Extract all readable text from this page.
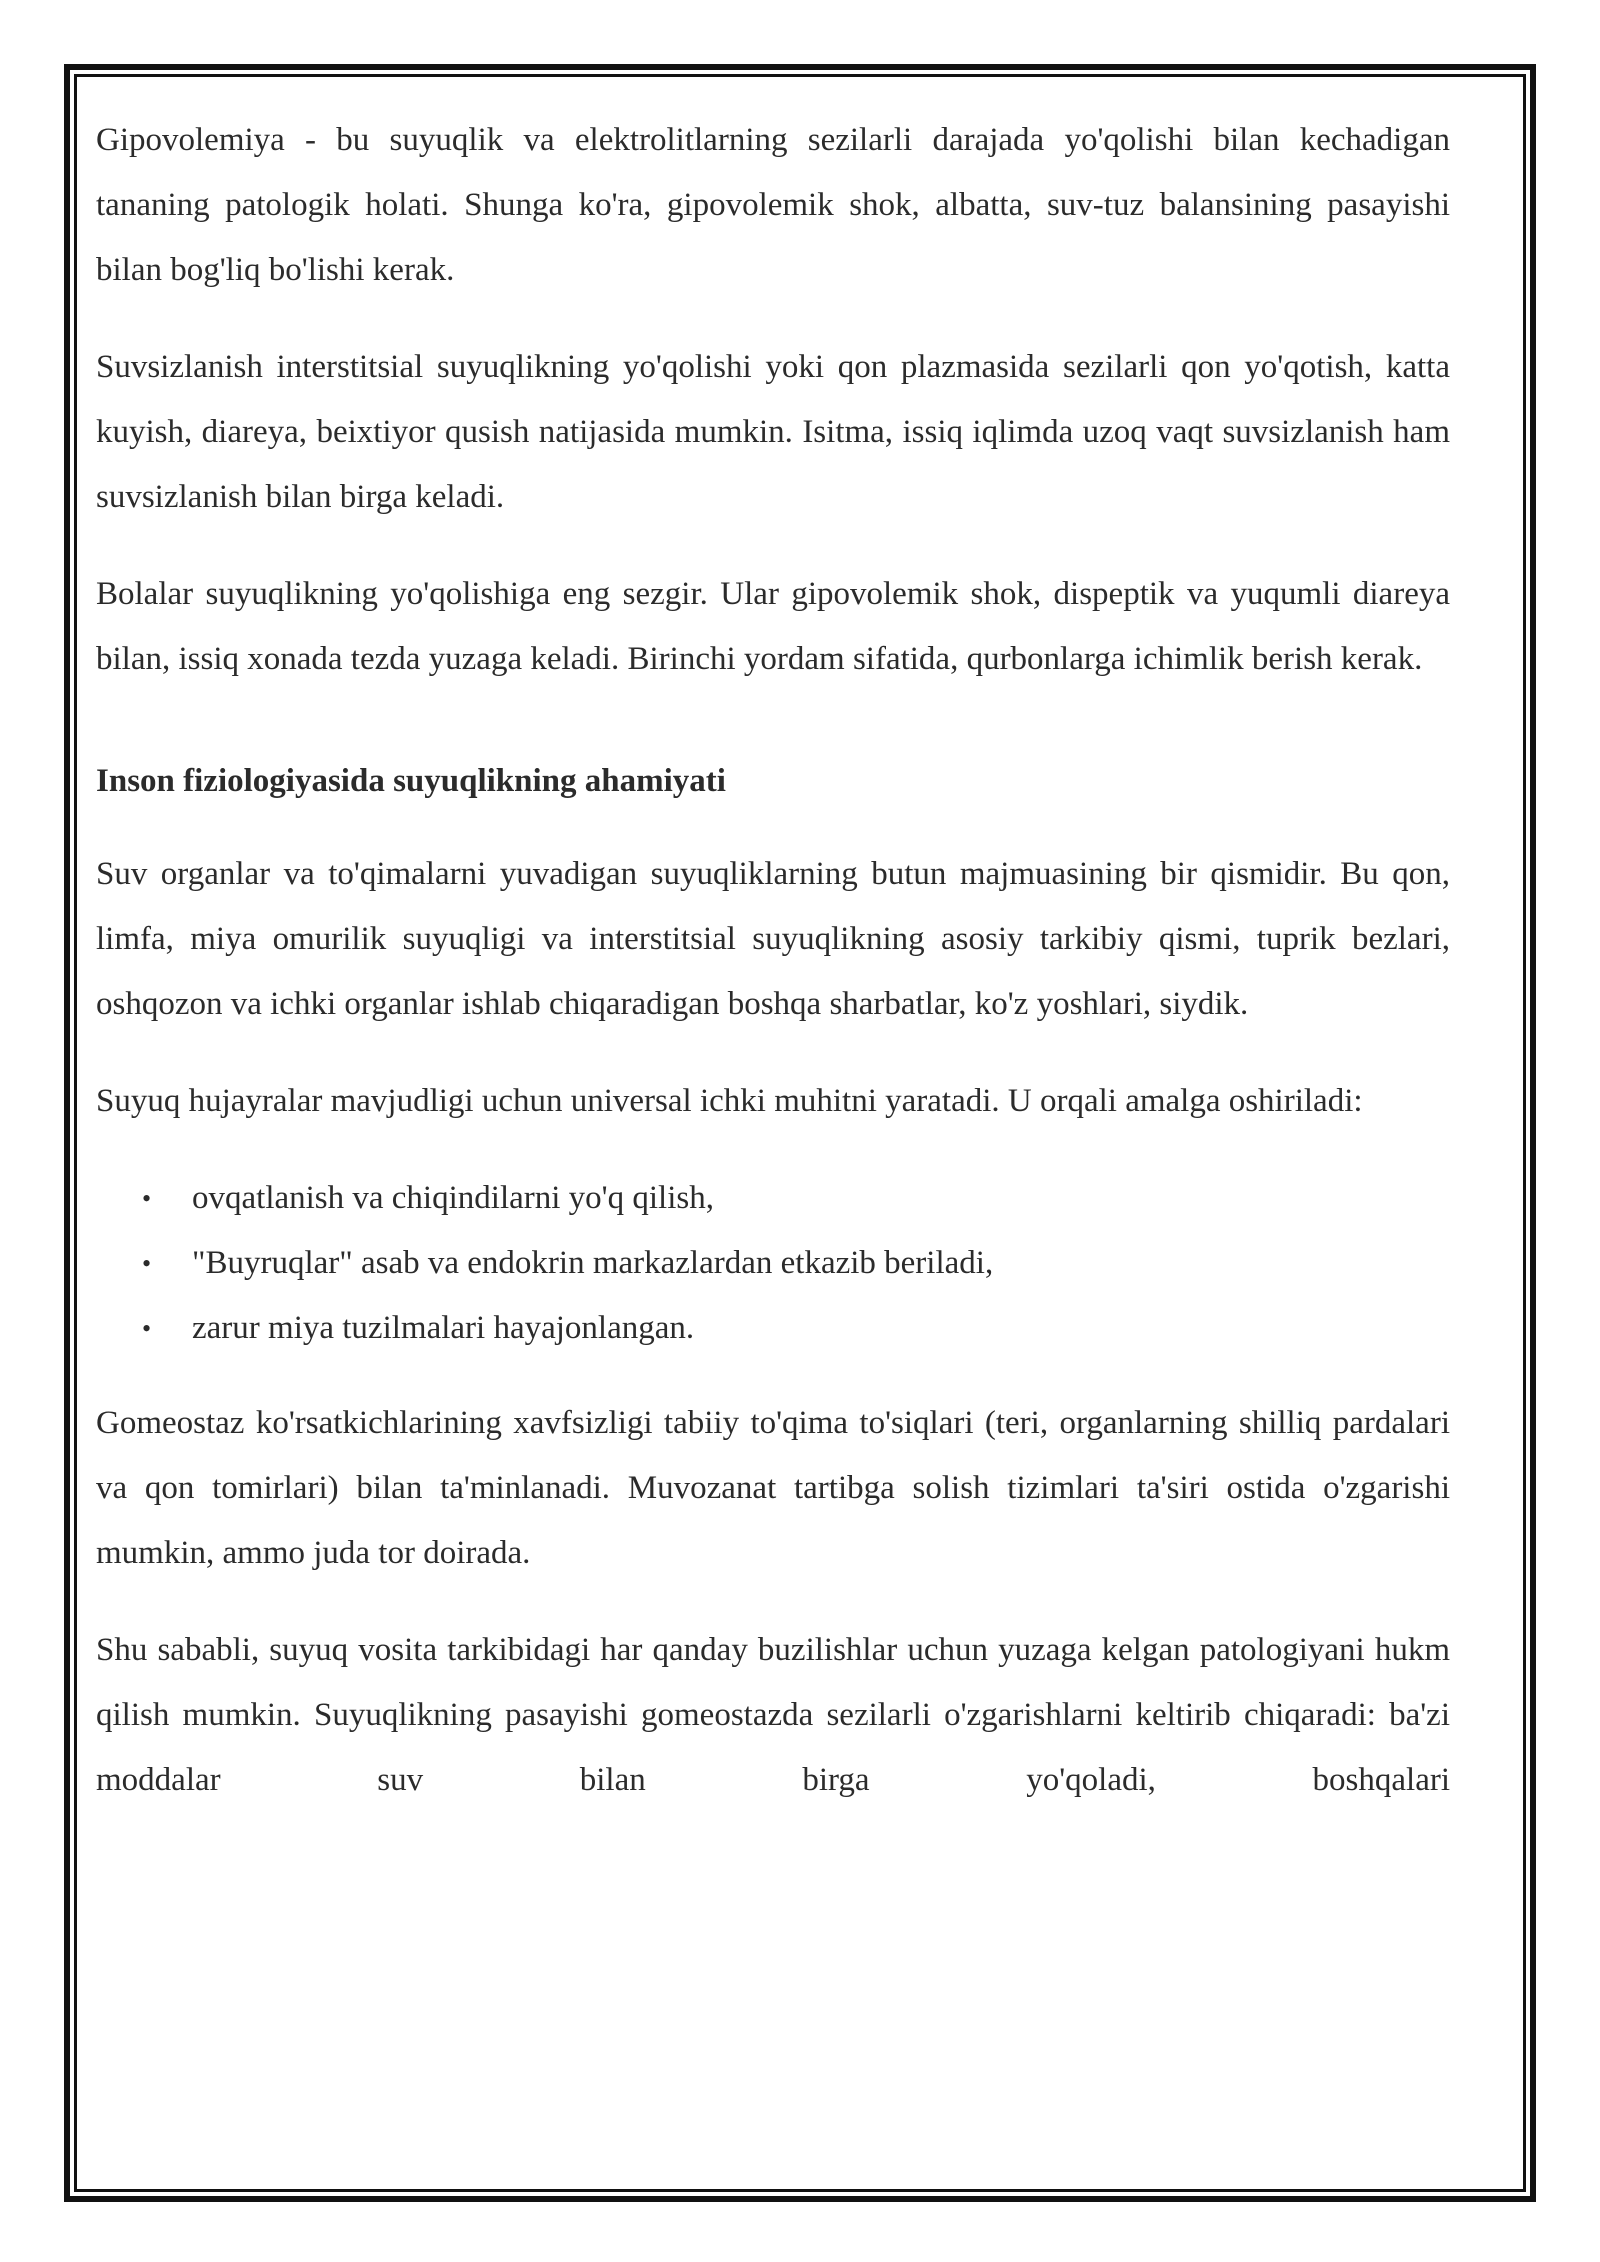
Gipovolemiya - bu suyuqlik va elektrolitlarning sezilarli darajada yo'qolishi bilan kechadigan tananing patologik holati. Shunga ko'ra, gipovolemik shok, albatta, suv-tuz balansining pasayishi bilan bog'liq bo'lishi kerak.

Suvsizlanish interstitsial suyuqlikning yo'qolishi yoki qon plazmasida sezilarli qon yo'qotish, katta kuyish, diareya, beixtiyor qusish natijasida mumkin. Isitma, issiq iqlimda uzoq vaqt suvsizlanish ham suvsizlanish bilan birga keladi.

Bolalar suyuqlikning yo'qolishiga eng sezgir. Ular gipovolemik shok, dispeptik va yuqumli diareya bilan, issiq xonada tezda yuzaga keladi. Birinchi yordam sifatida, qurbonlarga ichimlik berish kerak.

Inson fiziologiyasida suyuqlikning ahamiyati

Suv organlar va to'qimalarni yuvadigan suyuqliklarning butun majmuasining bir qismidir. Bu qon, limfa, miya omurilik suyuqligi va interstitsial suyuqlikning asosiy tarkibiy qismi, tuprik bezlari, oshqozon va ichki organlar ishlab chiqaradigan boshqa sharbatlar, ko'z yoshlari, siydik.

Suyuq hujayralar mavjudligi uchun universal ichki muhitni yaratadi. U orqali amalga oshiriladi:

• ovqatlanish va chiqindilarni yo'q qilish,
• "Buyruqlar" asab va endokrin markazlardan etkazib beriladi,
• zarur miya tuzilmalari hayajonlangan.

Gomeostaz ko'rsatkichlarining xavfsizligi tabiiy to'qima to'siqlari (teri, organlarning shilliq pardalari va qon tomirlari) bilan ta'minlanadi. Muvozanat tartibga solish tizimlari ta'siri ostida o'zgarishi mumkin, ammo juda tor doirada.

Shu sababli, suyuq vosita tarkibidagi har qanday buzilishlar uchun yuzaga kelgan patologiyani hukm qilish mumkin. Suyuqlikning pasayishi gomeostazda sezilarli o'zgarishlarni keltirib chiqaradi: ba'zi moddalar suv bilan birga yo'qoladi, boshqalari
